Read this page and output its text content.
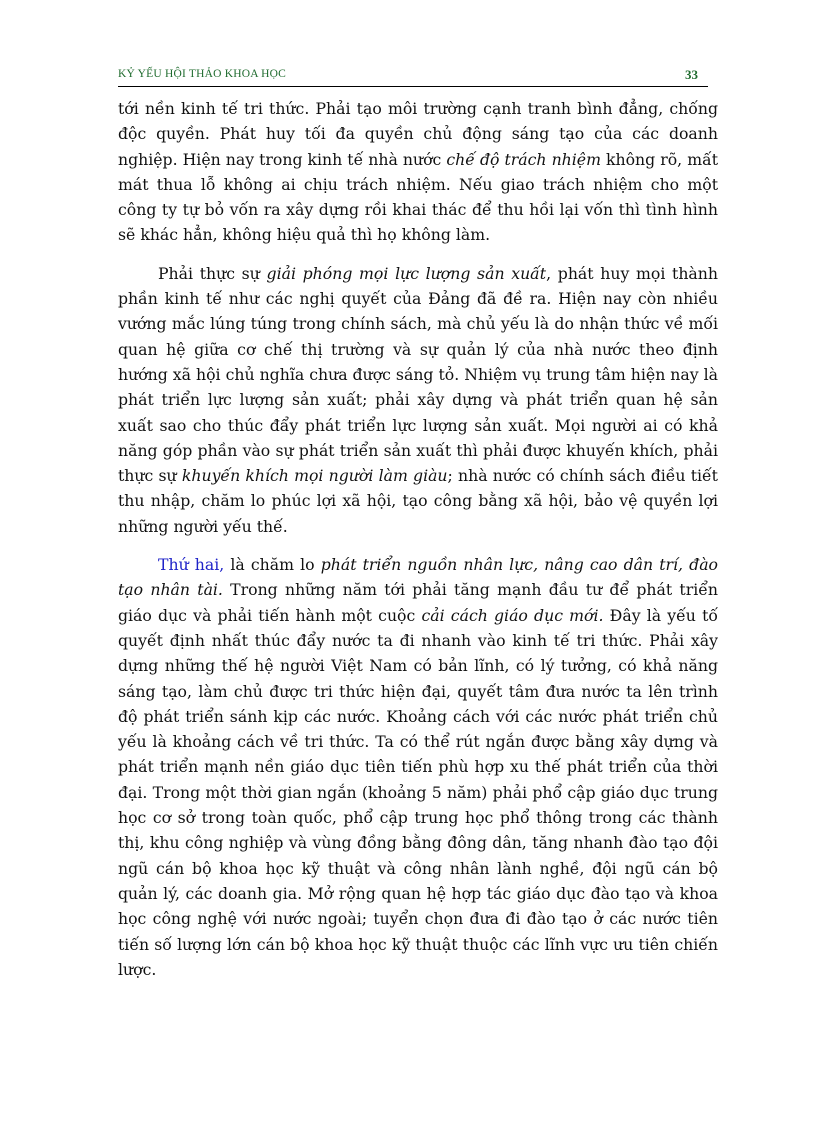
KỶ YẾU HỘI THẢO KHOA HỌC	33

tới nền kinh tế tri thức. Phải tạo môi trường cạnh tranh bình đẳng, chống độc quyền. Phát huy tối đa quyền chủ động sáng tạo của các doanh nghiệp. Hiện nay trong kinh tế nhà nước chế độ trách nhiệm không rõ, mất mát thua lỗ không ai chịu trách nhiệm. Nếu giao trách nhiệm cho một công ty tự bỏ vốn ra xây dựng rồi khai thác để thu hồi lại vốn thì tình hình sẽ khác hẳn, không hiệu quả thì họ không làm.

Phải thực sự giải phóng mọi lực lượng sản xuất, phát huy mọi thành phần kinh tế như các nghị quyết của Đảng đã đề ra. Hiện nay còn nhiều vướng mắc lúng túng trong chính sách, mà chủ yếu là do nhận thức về mối quan hệ giữa cơ chế thị trường và sự quản lý của nhà nước theo định hướng xã hội chủ nghĩa chưa được sáng tỏ. Nhiệm vụ trung tâm hiện nay là phát triển lực lượng sản xuất; phải xây dựng và phát triển quan hệ sản xuất sao cho thúc đẩy phát triển lực lượng sản xuất. Mọi người ai có khả năng góp phần vào sự phát triển sản xuất thì phải được khuyến khích, phải thực sự khuyến khích mọi người làm giàu; nhà nước có chính sách điều tiết thu nhập, chăm lo phúc lợi xã hội, tạo công bằng xã hội, bảo vệ quyền lợi những người yếu thế.

Thứ hai, là chăm lo phát triển nguồn nhân lực, nâng cao dân trí, đào tạo nhân tài. Trong những năm tới phải tăng mạnh đầu tư để phát triển giáo dục và phải tiến hành một cuộc cải cách giáo dục mới. Đây là yếu tố quyết định nhất thúc đẩy nước ta đi nhanh vào kinh tế tri thức. Phải xây dựng những thế hệ người Việt Nam có bản lĩnh, có lý tưởng, có khả năng sáng tạo, làm chủ được tri thức hiện đại, quyết tâm đưa nước ta lên trình độ phát triển sánh kịp các nước. Khoảng cách với các nước phát triển chủ yếu là khoảng cách về tri thức. Ta có thể rút ngắn được bằng xây dựng và phát triển mạnh nền giáo dục tiên tiến phù hợp xu thế phát triển của thời đại. Trong một thời gian ngắn (khoảng 5 năm) phải phổ cập giáo dục trung học cơ sở trong toàn quốc, phổ cập trung học phổ thông trong các thành thị, khu công nghiệp và vùng đồng bằng đông dân, tăng nhanh đào tạo đội ngũ cán bộ khoa học kỹ thuật và công nhân lành nghề, đội ngũ cán bộ quản lý, các doanh gia. Mở rộng quan hệ hợp tác giáo dục đào tạo và khoa học công nghệ với nước ngoài; tuyển chọn đưa đi đào tạo ở các nước tiên tiến số lượng lớn cán bộ khoa học kỹ thuật thuộc các lĩnh vực ưu tiên chiến lược.
